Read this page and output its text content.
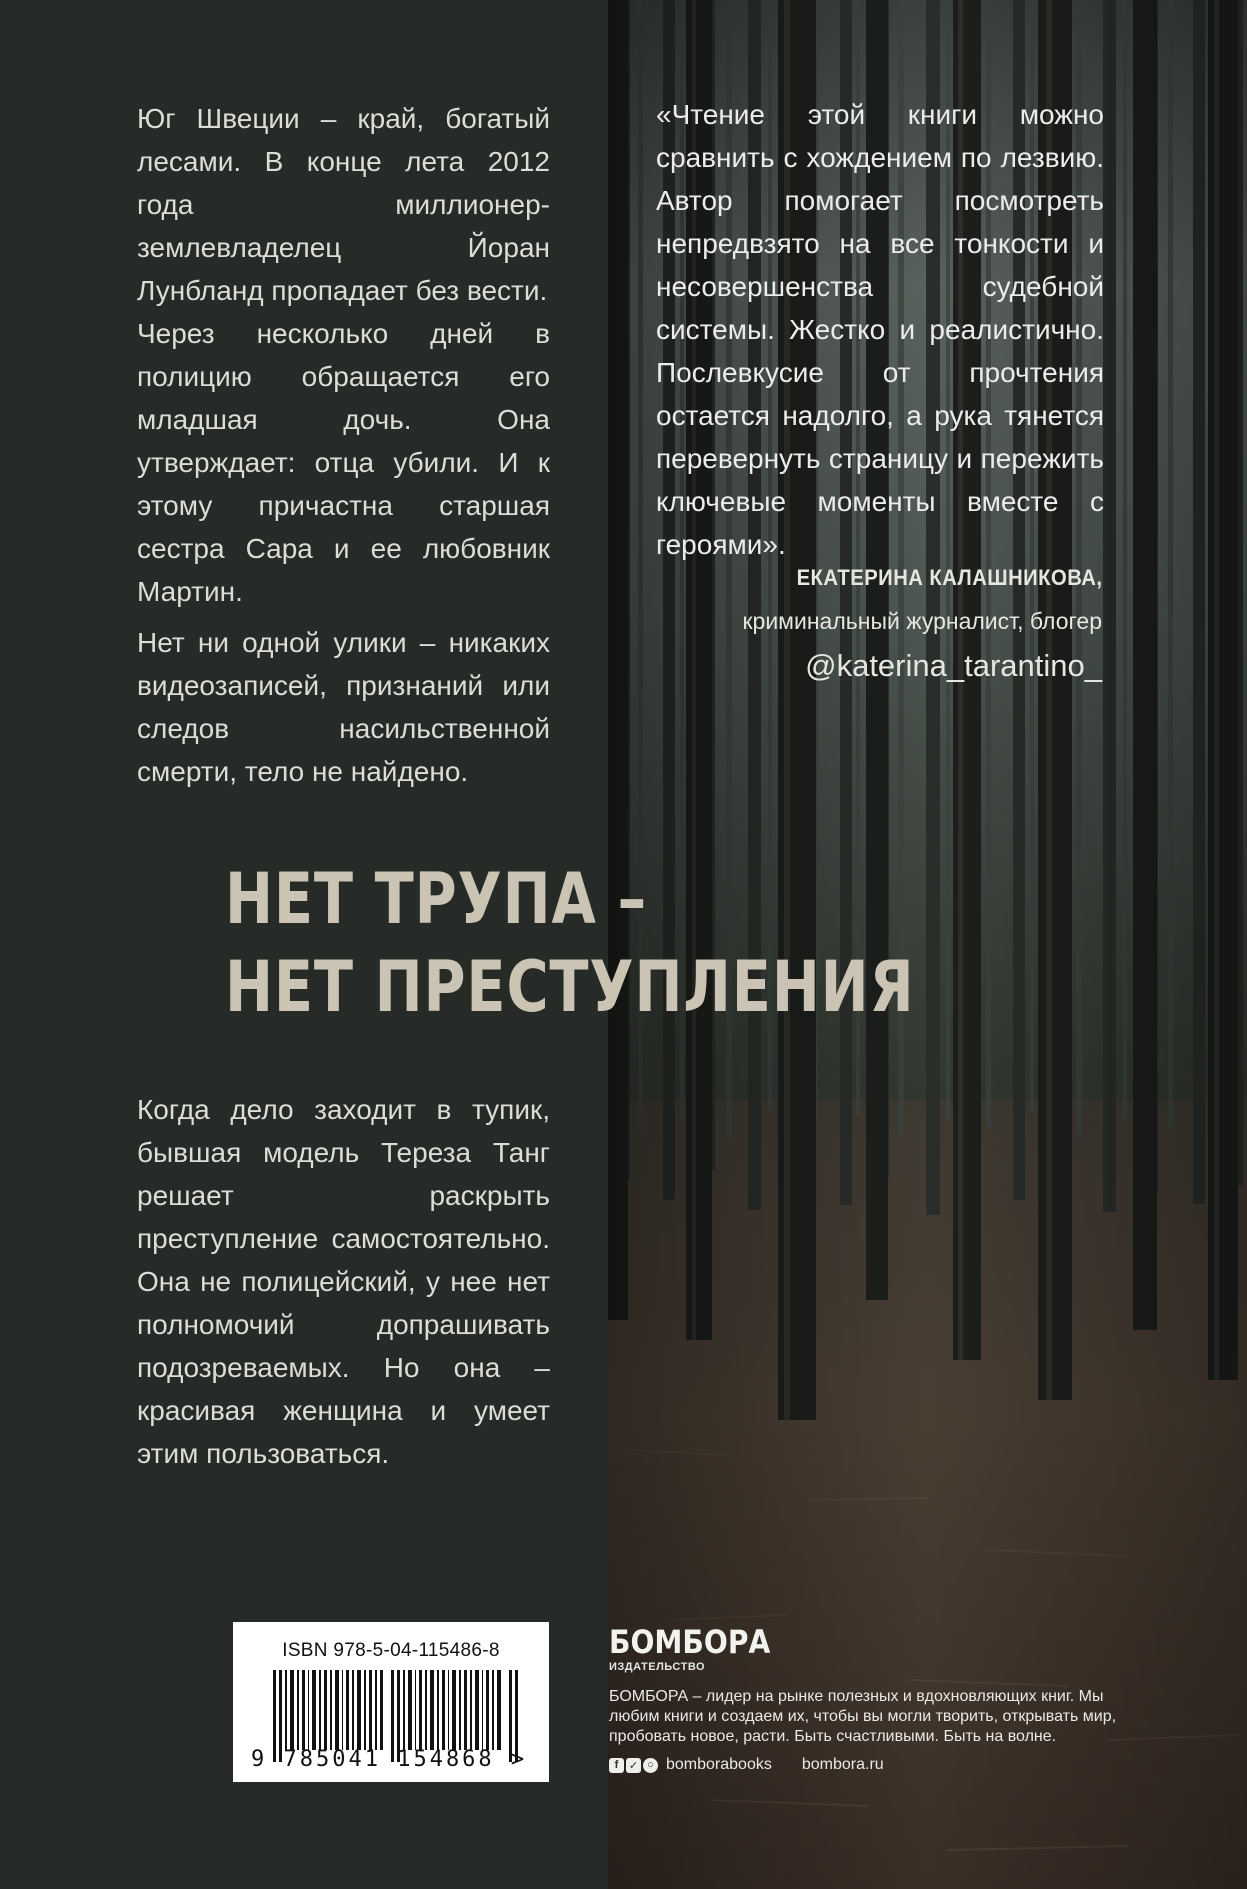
Юг Швеции – край, богатый лесами. В конце лета 2012 года миллионер-землевладелец Йоран Лунбланд пропадает без вести.

Через несколько дней в полицию обращается его младшая дочь. Она утверждает: отца убили. И к этому причастна старшая сестра Сара и ее любовник Мартин.

Нет ни одной улики – никаких видеозаписей, признаний или следов насильственной смерти, тело не найдено.

НЕТ ТРУПА –
НЕТ ПРЕСТУПЛЕНИЯ

Когда дело заходит в тупик, бывшая модель Тереза Танг решает раскрыть преступление самостоятельно. Она не полицейский, у нее нет полномочий допрашивать подозреваемых. Но она – красивая женщина и умеет этим пользоваться.

«Чтение этой книги можно сравнить с хождением по лезвию. Автор помогает посмотреть непредвзято на все тонкости и несовершенства судебной системы. Жестко и реалистично. Послевкусие от прочтения остается надолго, а рука тянется перевернуть страницу и пережить ключевые моменты вместе с героями».

ЕКАТЕРИНА КАЛАШНИКОВА,
криминальный журналист, блогер
@katerina_tarantino_
ISBN 978-5-04-115486-8
9 785041 154868 >
БОМБОРА
ИЗДАТЕЛЬСТВО

БОМБОРА – лидер на рынке полезных и вдохновляющих книг. Мы любим книги и создаем их, чтобы вы могли творить, открывать мир, пробовать новое, расти. Быть счастливыми. Быть на волне.

f ✓ ○ bomborabooks bombora.ru
